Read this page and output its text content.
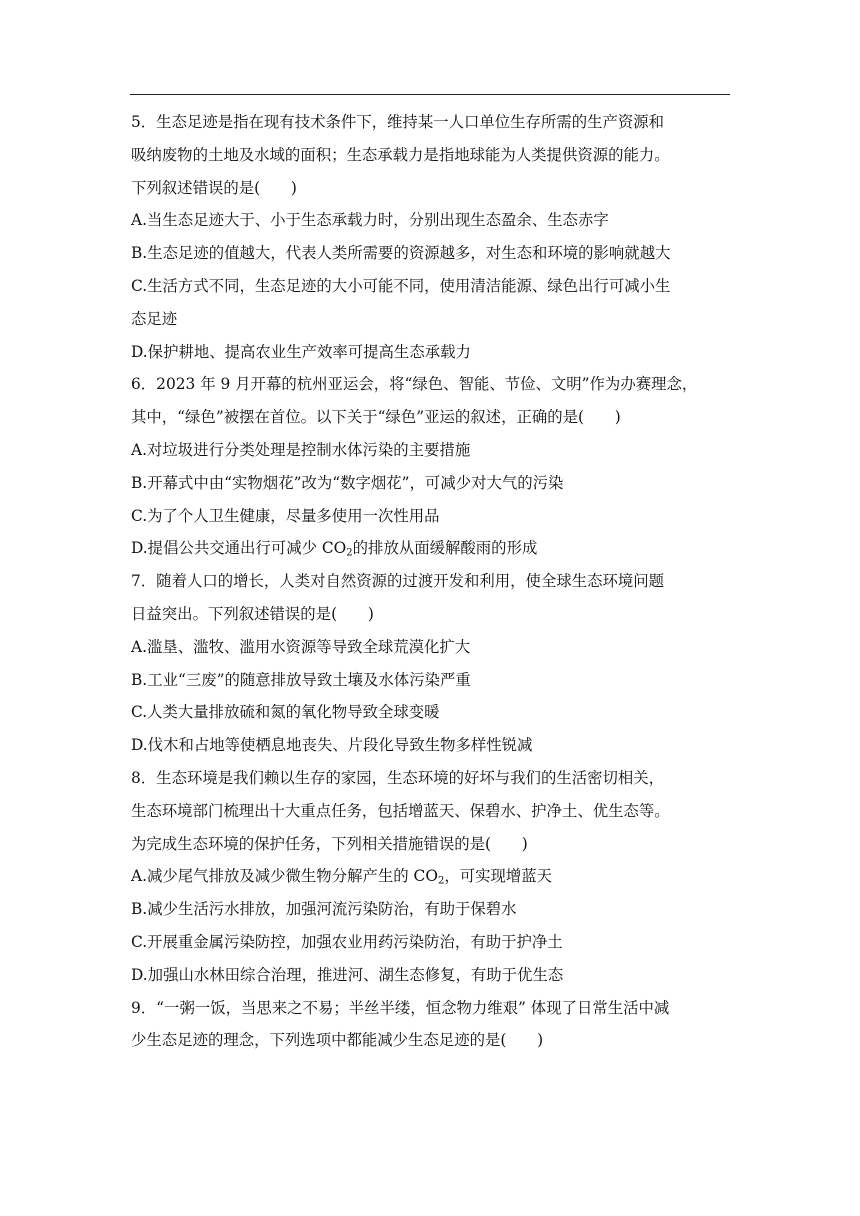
5．生态足迹是指在现有技术条件下，维持某一人口单位生存所需的生产资源和
吸纳废物的土地及水域的面积；生态承载力是指地球能为人类提供资源的能力。
下列叙述错误的是(　　)
A.当生态足迹大于、小于生态承载力时，分别出现生态盈余、生态赤字
B.生态足迹的值越大，代表人类所需要的资源越多，对生态和环境的影响就越大
C.生活方式不同，生态足迹的大小可能不同，使用清洁能源、绿色出行可减小生
态足迹
D.保护耕地、提高农业生产效率可提高生态承载力
6．2023 年 9 月开幕的杭州亚运会，将“绿色、智能、节俭、文明”作为办赛理念，
其中，“绿色”被摆在首位。以下关于“绿色”亚运的叙述，正确的是(　　)
A.对垃圾进行分类处理是控制水体污染的主要措施
B.开幕式中由“实物烟花”改为“数字烟花”，可减少对大气的污染
C.为了个人卫生健康，尽量多使用一次性用品
D.提倡公共交通出行可减少 $CO_2$的排放从面缓解酸雨的形成
7．随着人口的增长，人类对自然资源的过渡开发和利用，使全球生态环境问题
日益突出。下列叙述错误的是(　　)
A.滥垦、滥牧、滥用水资源等导致全球荒漠化扩大
B.工业“三废”的随意排放导致土壤及水体污染严重
C.人类大量排放硫和氮的氧化物导致全球变暖
D.伐木和占地等使栖息地丧失、片段化导致生物多样性锐减
8．生态环境是我们赖以生存的家园，生态环境的好坏与我们的生活密切相关，
生态环境部门梳理出十大重点任务，包括增蓝天、保碧水、护净土、优生态等。
为完成生态环境的保护任务，下列相关措施错误的是(　　)
A.减少尾气排放及减少微生物分解产生的 $CO_2$，可实现增蓝天
B.减少生活污水排放，加强河流污染防治，有助于保碧水
C.开展重金属污染防控，加强农业用药污染防治，有助于护净土
D.加强山水林田综合治理，推进河、湖生态修复，有助于优生态
9．“一粥一饭，当思来之不易；半丝半缕，恒念物力维艰” 体现了日常生活中减
少生态足迹的理念，下列选项中都能减少生态足迹的是(　　)
